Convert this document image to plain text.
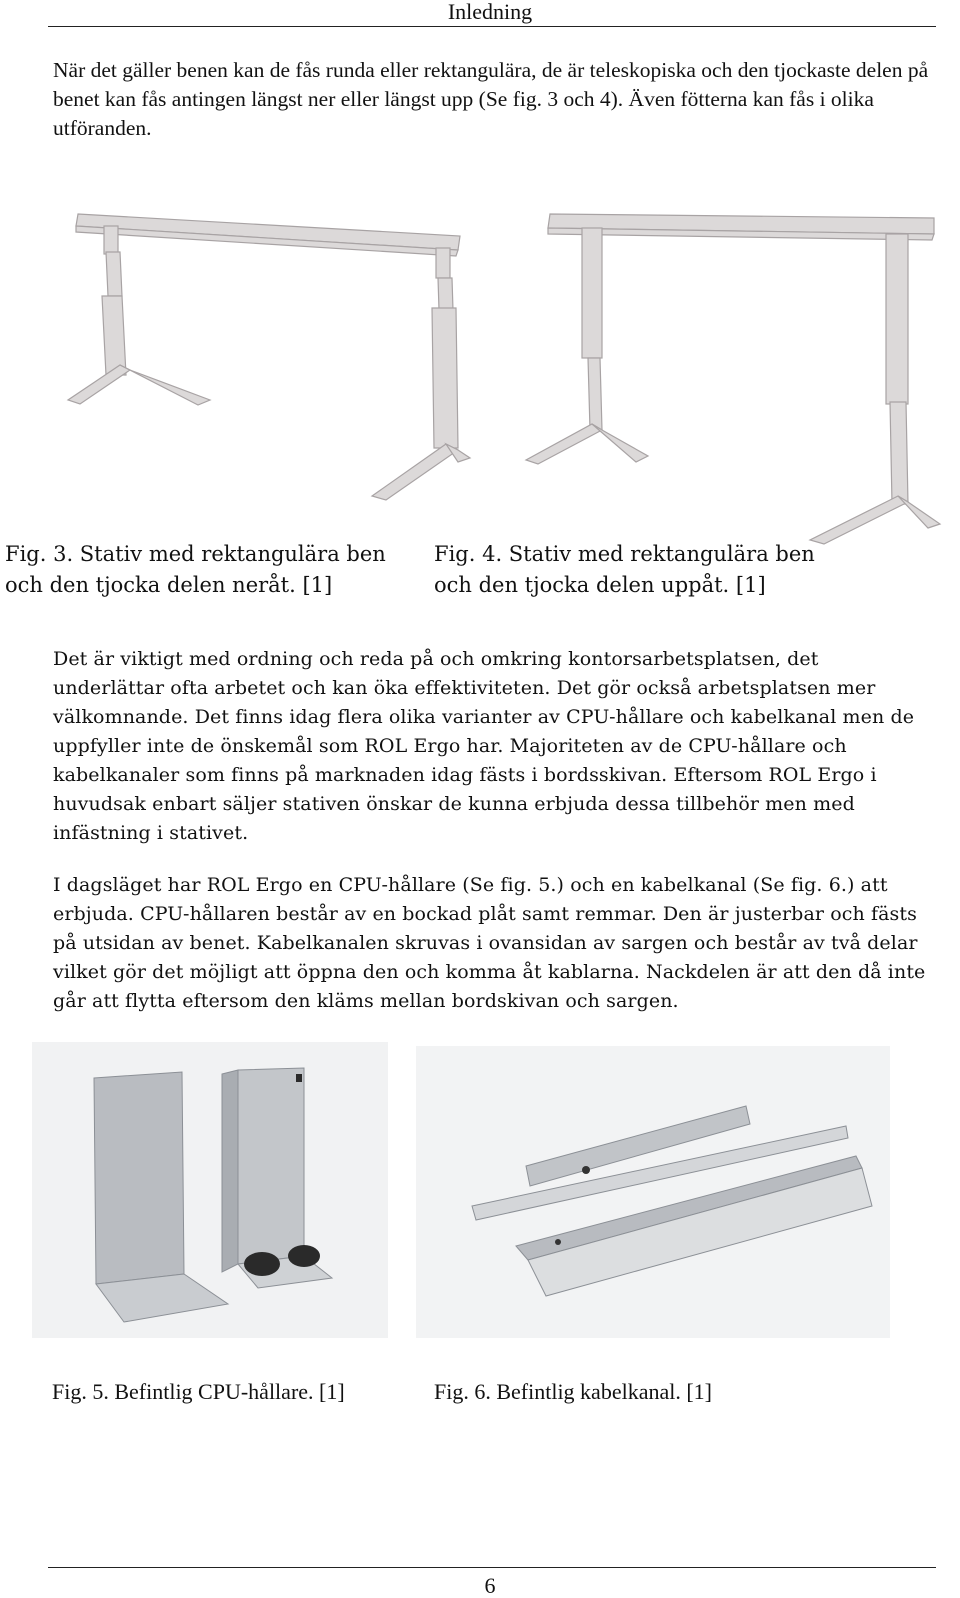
Inledning
När det gäller benen kan de fås runda eller rektangulära, de är teleskopiska och den tjockaste delen på benet kan fås antingen längst ner eller längst upp (Se fig. 3 och 4). Även fötterna kan fås i olika utföranden.
Fig. 3. Stativ med rektangulära ben
och den tjocka delen neråt. [1]
Fig. 4. Stativ med rektangulära ben
och den tjocka delen uppåt. [1]
Det är viktigt med ordning och reda på och omkring kontorsarbetsplatsen, det underlättar ofta arbetet och kan öka effektiviteten. Det gör också arbetsplatsen mer välkomnande. Det finns idag flera olika varianter av CPU-hållare och kabelkanal men de uppfyller inte de önskemål som ROL Ergo har. Majoriteten av de CPU-hållare och kabelkanaler som finns på marknaden idag fästs i bordsskivan. Eftersom ROL Ergo i huvudsak enbart säljer stativen önskar de kunna erbjuda dessa tillbehör men med infästning i stativet.
I dagsläget har ROL Ergo en CPU-hållare (Se fig. 5.) och en kabelkanal (Se fig. 6.) att erbjuda. CPU-hållaren består av en bockad plåt samt remmar. Den är justerbar och fästs på utsidan av benet. Kabelkanalen skruvas i ovansidan av sargen och består av två delar vilket gör det möjligt att öppna den och komma åt kablarna. Nackdelen är att den då inte går att flytta eftersom den kläms mellan bordskivan och sargen.
Fig. 5. Befintlig CPU-hållare. [1]	Fig. 6. Befintlig kabelkanal. [1]
6
